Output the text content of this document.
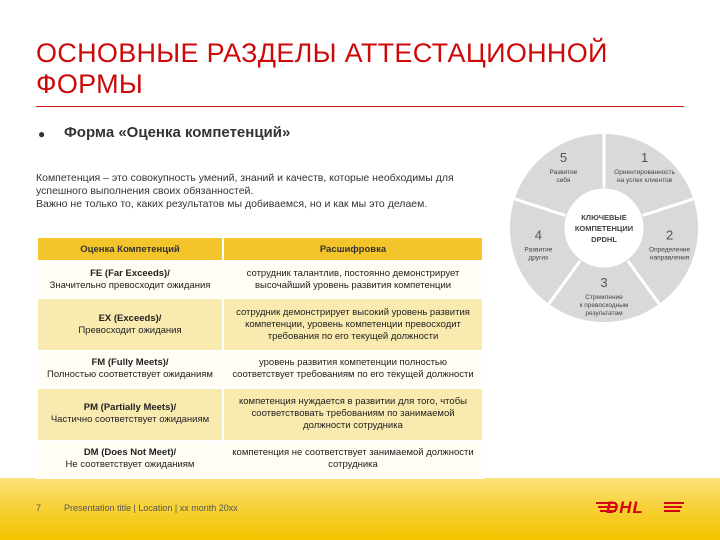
ОСНОВНЫЕ РАЗДЕЛЫ АТТЕСТАЦИОННОЙ ФОРМЫ
● Форма «Оценка компетенций»

Компетенция – это совокупность умений, знаний и качеств, которые необходимы для успешного выполнения своих обязанностей.

Важно не только то, каких результатов мы добиваемся, но и как мы это делаем.

Оценка Компетенций	Расшифровка

FE (Far Exceeds)/
Значительно превосходит ожидания	сотрудник талантлив, постоянно демонстрирует высочайший уровень развития компетенции

EX (Exceeds)/
Превосходит ожидания	сотрудник демонстрирует высокий уровень развития компетенции, уровень компетенции превосходит требования по его текущей должности

FM (Fully Meets)/
Полностью соответствует ожиданиям	уровень развития компетенции полностью соответствует требованиям по его текущей должности

PM (Partially Meets)/
Частично соответствует ожиданиям	компетенция нуждается в развитии для того, чтобы соответствовать требованиям по занимаемой должности сотрудника

DM (Does Not Meet)/
Не соответствует ожиданиям	компетенция не соответствует занимаемой должности сотрудника
КЛЮЧЕВЫЕ
КОМПЕТЕНЦИИ
DPDHL
1
Ориентированность
на успех клиентов
2
Определение
направления
3
Стремление
к превосходным
результатам
4
Развитие
других
5
Развитие
себя
7	Presentation title | Location | xx month 20xx	DHL
